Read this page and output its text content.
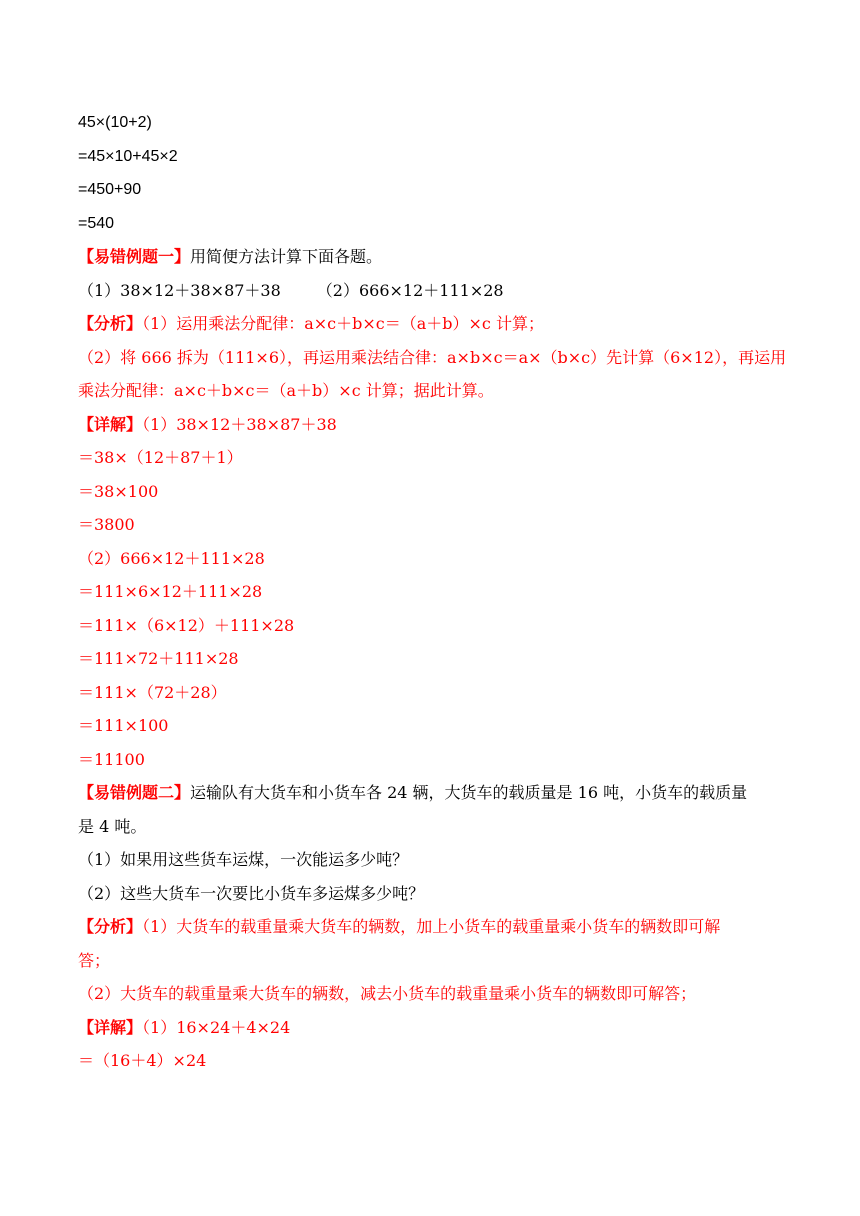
45×(10+2)
=45×10+45×2
=450+90
=540
【易错例题一】用简便方法计算下面各题。
（1）38×12＋38×87＋38 （2）666×12＋111×28
【分析】（1）运用乘法分配律：a×c＋b×c＝（a＋b）×c 计算；
（2）将 666 拆为（111×6），再运用乘法结合律：a×b×c＝a×（b×c）先计算（6×12），再运用乘法分配律：a×c＋b×c＝（a＋b）×c 计算；据此计算。
【详解】（1）38×12＋38×87＋38
＝38×（12＋87＋1）
＝38×100
＝3800
（2）666×12＋111×28
＝111×6×12＋111×28
＝111×（6×12）＋111×28
＝111×72＋111×28
＝111×（72＋28）
＝111×100
＝11100
【易错例题二】运输队有大货车和小货车各 24 辆，大货车的载质量是 16 吨，小货车的载质量
是 4 吨。
（1）如果用这些货车运煤，一次能运多少吨？
（2）这些大货车一次要比小货车多运煤多少吨？
【分析】（1）大货车的载重量乘大货车的辆数，加上小货车的载重量乘小货车的辆数即可解
答；
（2）大货车的载重量乘大货车的辆数，减去小货车的载重量乘小货车的辆数即可解答；
【详解】（1）16×24＋4×24
＝（16＋4）×24
